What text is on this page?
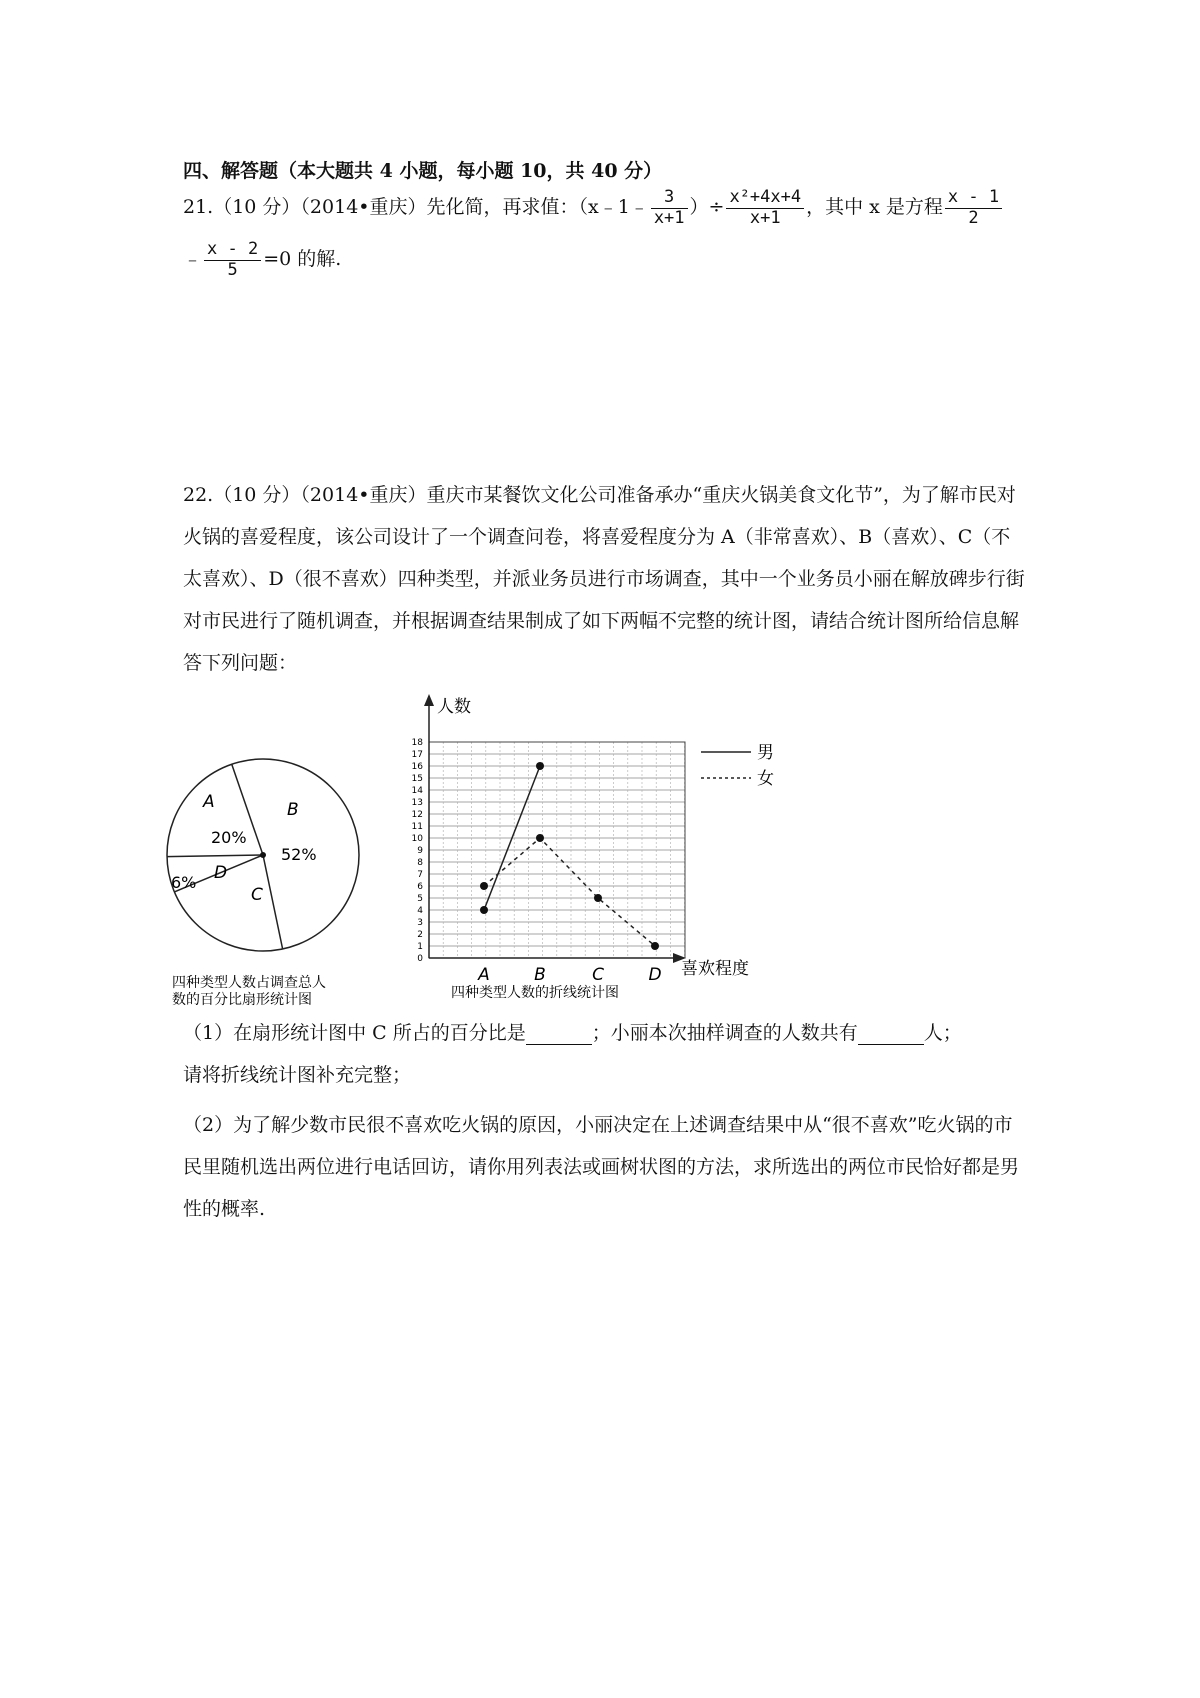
四、解答题（本大题共 4 小题，每小题 10，共 40 分）
21.（10 分）（2014•重庆）先化简，再求值：（x﹣1﹣ $\frac{3}{x+1}$ ）÷ $\frac{\text{x²+4x+4}}{x+1}$ ，其中 x 是方程 $\frac{x - 1}{2}$
﹣ $\frac{x - 2}{5} =0$ 的解.
22.（10 分）（2014•重庆）重庆市某餐饮文化公司准备承办“重庆火锅美食文化节”，为了解市民对火锅的喜爱程度，该公司设计了一个调查问卷，将喜爱程度分为 A（非常喜欢）、B（喜欢）、C（不太喜欢）、D（很不喜欢）四种类型，并派业务员进行市场调查，其中一个业务员小丽在解放碑步行街对市民进行了随机调查，并根据调查结果制成了如下两幅不完整的统计图，请结合统计图所给信息解答下列问题：
A
20%
B
52%
C
D
6%
四种类型人数占调查总人
数的百分比扇形统计图
0
1
2
3
4
5
6
7
8
9
10
11
12
13
14
15
16
17
18
A	B	C	D
人数
喜欢程度
四种类型人数的折线统计图
男
女
（1）在扇形统计图中 C 所占的百分比是	；小丽本次抽样调查的人数共有	人；
请将折线统计图补充完整；
（2）为了解少数市民很不喜欢吃火锅的原因，小丽决定在上述调查结果中从“很不喜欢”吃火锅的市民里随机选出两位进行电话回访，请你用列表法或画树状图的方法，求所选出的两位市民恰好都是男性的概率.
